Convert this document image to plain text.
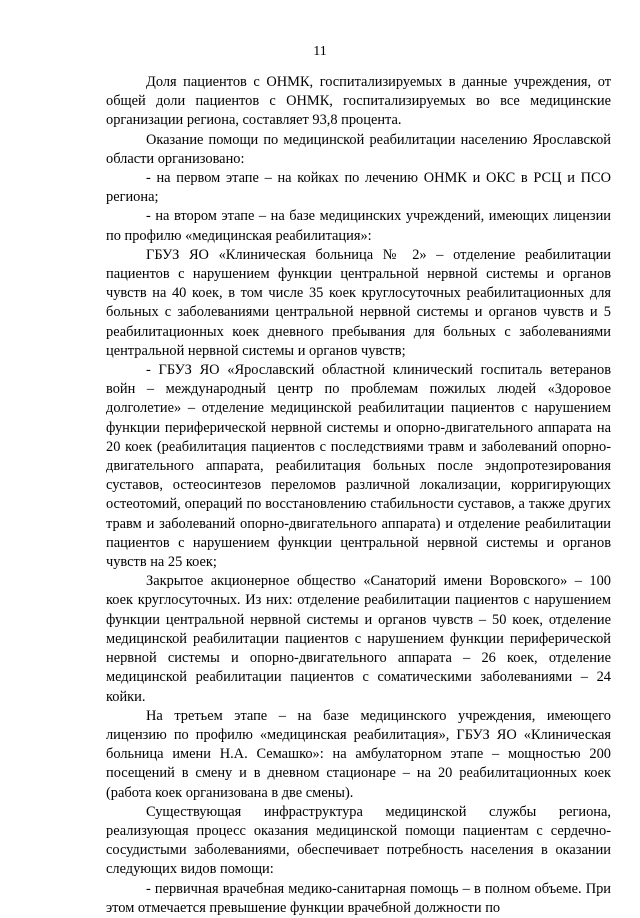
11

Доля пациентов с ОНМК, госпитализируемых в данные учреждения, от общей доли пациентов с ОНМК, госпитализируемых во все медицинские организации региона, составляет 93,8 процента.

Оказание помощи по медицинской реабилитации населению Ярославской области организовано:

- на первом этапе – на койках по лечению ОНМК и ОКС в РСЦ и ПСО региона;

- на втором этапе – на базе медицинских учреждений, имеющих лицензии по профилю «медицинская реабилитация»:

ГБУЗ ЯО «Клиническая больница № 2» – отделение реабилитации пациентов с нарушением функции центральной нервной системы и органов чувств на 40 коек, в том числе 35 коек круглосуточных реабилитационных для больных с заболеваниями центральной нервной системы и органов чувств и 5 реабилитационных коек дневного пребывания для больных с заболеваниями центральной нервной системы и органов чувств;

- ГБУЗ ЯО «Ярославский областной клинический госпиталь ветеранов войн – международный центр по проблемам пожилых людей «Здоровое долголетие» – отделение медицинской реабилитации пациентов с нарушением функции периферической нервной системы и опорно-двигательного аппарата на 20 коек (реабилитация пациентов с последствиями травм и заболеваний опорно-двигательного аппарата, реабилитация больных после эндопротезирования суставов, остеосинтезов переломов различной локализации, корригирующих остеотомий, операций по восстановлению стабильности суставов, а также других травм и заболеваний опорно-двигательного аппарата) и отделение реабилитации пациентов с нарушением функции центральной нервной системы и органов чувств на 25 коек;

Закрытое акционерное общество «Санаторий имени Воровского» – 100 коек круглосуточных. Из них: отделение реабилитации пациентов с нарушением функции центральной нервной системы и органов чувств – 50 коек, отделение медицинской реабилитации пациентов с нарушением функции периферической нервной системы и опорно-двигательного аппарата – 26 коек, отделение медицинской реабилитации пациентов с соматическими заболеваниями – 24 койки.

На третьем этапе – на базе медицинского учреждения, имеющего лицензию по профилю «медицинская реабилитация», ГБУЗ ЯО «Клиническая больница имени Н.А. Семашко»: на амбулаторном этапе – мощностью 200 посещений в смену и в дневном стационаре – на 20 реабилитационных коек (работа коек организована в две смены).

Существующая инфраструктура медицинской службы региона, реализующая процесс оказания медицинской помощи пациентам с сердечно-сосудистыми заболеваниями, обеспечивает потребность населения в оказании следующих видов помощи:

- первичная врачебная медико-санитарная помощь – в полном объеме. При этом отмечается превышение функции врачебной должности по
